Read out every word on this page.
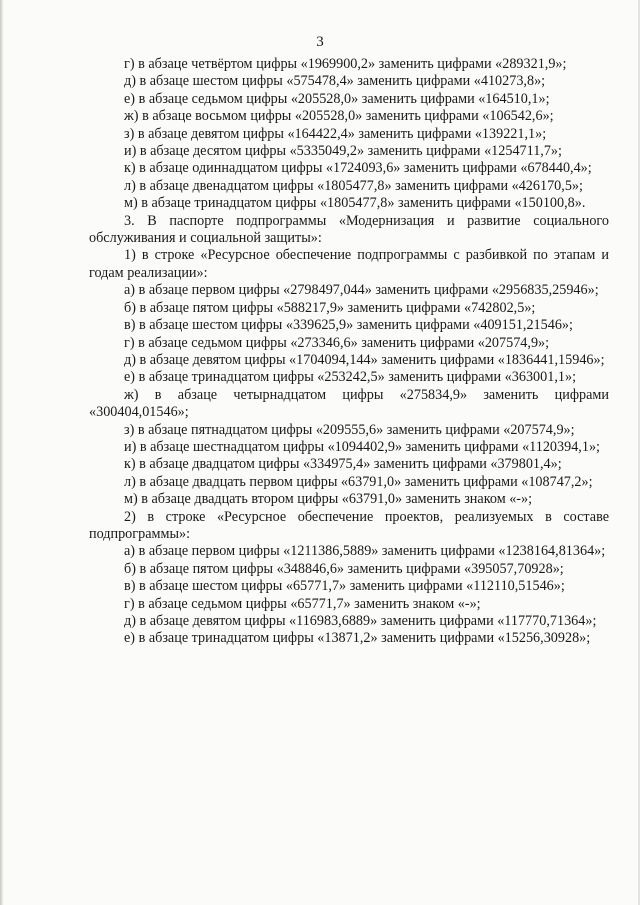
3

г) в абзаце четвёртом цифры «1969900,2» заменить цифрами «289321,9»;

д) в абзаце шестом цифры «575478,4» заменить цифрами «410273,8»;

е) в абзаце седьмом цифры «205528,0» заменить цифрами «164510,1»;

ж) в абзаце восьмом цифры «205528,0» заменить цифрами «106542,6»;

з) в абзаце девятом цифры «164422,4» заменить цифрами «139221,1»;

и) в абзаце десятом цифры «5335049,2» заменить цифрами «1254711,7»;

к) в абзаце одиннадцатом цифры «1724093,6» заменить цифрами «678440,4»;

л) в абзаце двенадцатом цифры «1805477,8» заменить цифрами «426170,5»;

м) в абзаце тринадцатом цифры «1805477,8» заменить цифрами «150100,8».

3. В паспорте подпрограммы «Модернизация и развитие социального обслуживания и социальной защиты»:

1) в строке «Ресурсное обеспечение подпрограммы с разбивкой по этапам и годам реализации»:

а) в абзаце первом цифры «2798497,044» заменить цифрами «2956835,25946»;

б) в абзаце пятом цифры «588217,9» заменить цифрами «742802,5»;

в) в абзаце шестом цифры «339625,9» заменить цифрами «409151,21546»;

г) в абзаце седьмом цифры «273346,6» заменить цифрами «207574,9»;

д) в абзаце девятом цифры «1704094,144» заменить цифрами «1836441,15946»;

е) в абзаце тринадцатом цифры «253242,5» заменить цифрами «363001,1»;

ж) в абзаце четырнадцатом цифры «275834,9» заменить цифрами «300404,01546»;

з) в абзаце пятнадцатом цифры «209555,6» заменить цифрами «207574,9»;

и) в абзаце шестнадцатом цифры «1094402,9» заменить цифрами «1120394,1»;

к) в абзаце двадцатом цифры «334975,4» заменить цифрами «379801,4»;

л) в абзаце двадцать первом цифры «63791,0» заменить цифрами «108747,2»;

м) в абзаце двадцать втором цифры «63791,0» заменить знаком «-»;

2) в строке «Ресурсное обеспечение проектов, реализуемых в составе подпрограммы»:

а) в абзаце первом цифры «1211386,5889» заменить цифрами «1238164,81364»;

б) в абзаце пятом цифры «348846,6» заменить цифрами «395057,70928»;

в) в абзаце шестом цифры «65771,7» заменить цифрами «112110,51546»;

г) в абзаце седьмом цифры «65771,7» заменить знаком «-»;

д) в абзаце девятом цифры «116983,6889» заменить цифрами «117770,71364»;

е) в абзаце тринадцатом цифры «13871,2» заменить цифрами «15256,30928»;
